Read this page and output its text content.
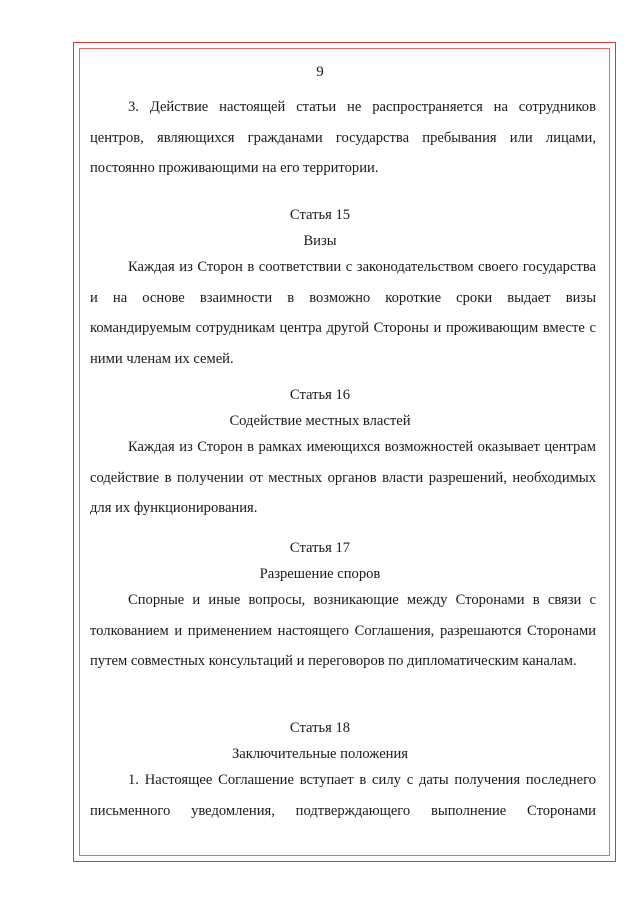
9

3. Действие настоящей статьи не распространяется на сотрудников центров, являющихся гражданами государства пребывания или лицами, постоянно проживающими на его территории.

Статья 15
Визы

Каждая из Сторон в соответствии с законодательством своего государства и на основе взаимности в возможно короткие сроки выдает визы командируемым сотрудникам центра другой Стороны и проживающим вместе с ними членам их семей.

Статья 16
Содействие местных властей

Каждая из Сторон в рамках имеющихся возможностей оказывает центрам содействие в получении от местных органов власти разрешений, необходимых для их функционирования.

Статья 17
Разрешение споров

Спорные и иные вопросы, возникающие между Сторонами в связи с толкованием и применением настоящего Соглашения, разрешаются Сторонами путем совместных консультаций и переговоров по дипломатическим каналам.

Статья 18
Заключительные положения

1. Настоящее Соглашение вступает в силу с даты получения последнего письменного уведомления, подтверждающего выполнение Сторонами
